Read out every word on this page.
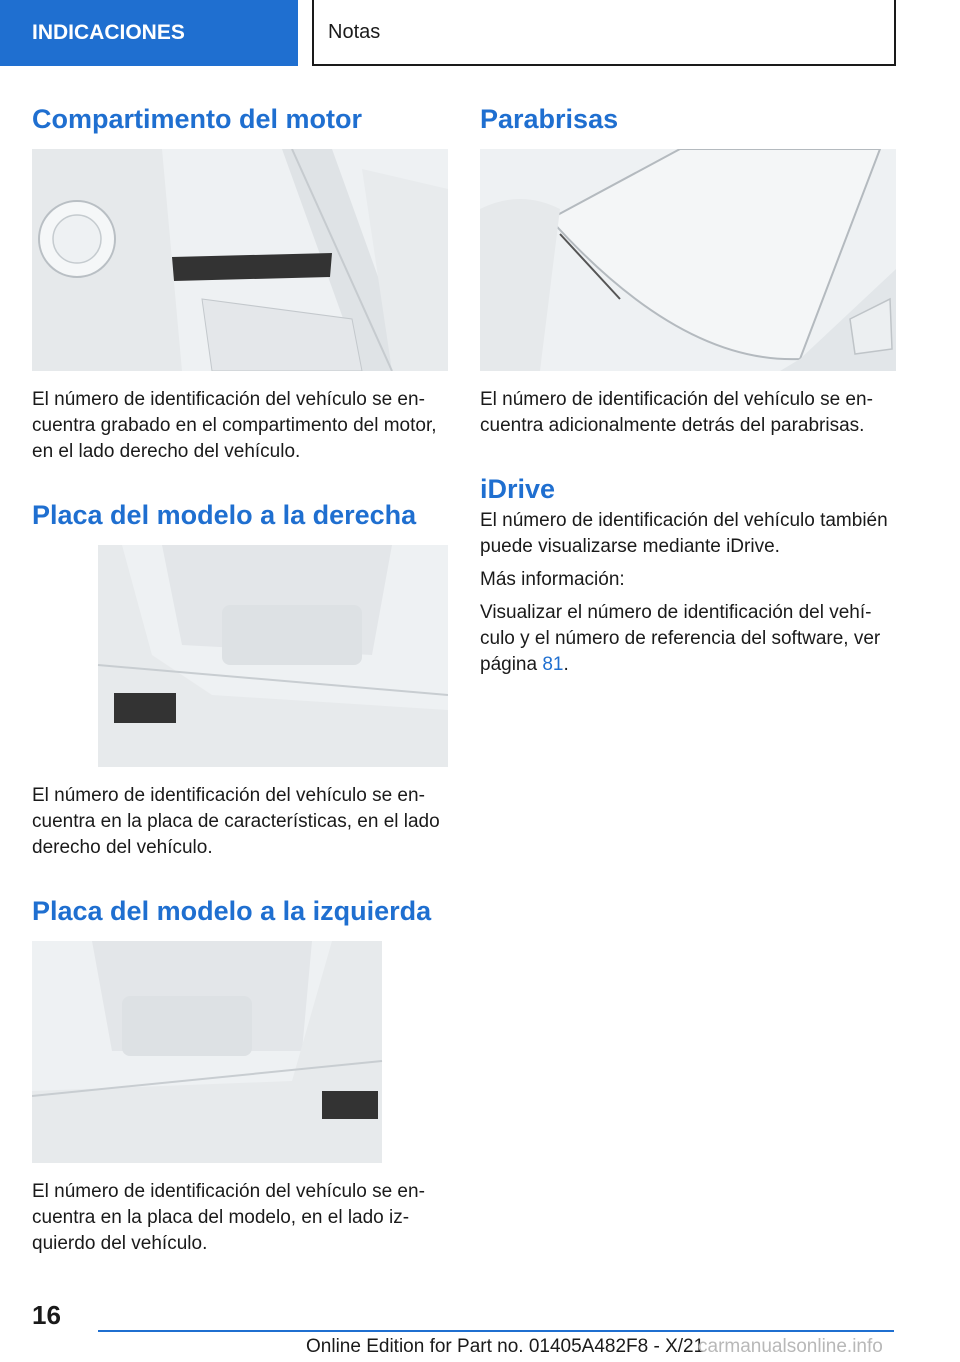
INDICACIONES	Notas
Compartimento del motor

El número de identificación del vehículo se en- cuentra grabado en el compartimento del motor, en el lado derecho del vehículo.

Placa del modelo a la derecha

El número de identificación del vehículo se en- cuentra en la placa de características, en el lado derecho del vehículo.

Placa del modelo a la izquierda

El número de identificación del vehículo se en- cuentra en la placa del modelo, en el lado iz- quierdo del vehículo.

Parabrisas

El número de identificación del vehículo se en- cuentra adicionalmente detrás del parabrisas.

iDrive

El número de identificación del vehículo también puede visualizarse mediante iDrive.

Más información:

Visualizar el número de identificación del vehí- culo y el número de referencia del software, ver página 81.

16
Online Edition for Part no. 01405A482F8 - X/21
carmanualsonline.info
